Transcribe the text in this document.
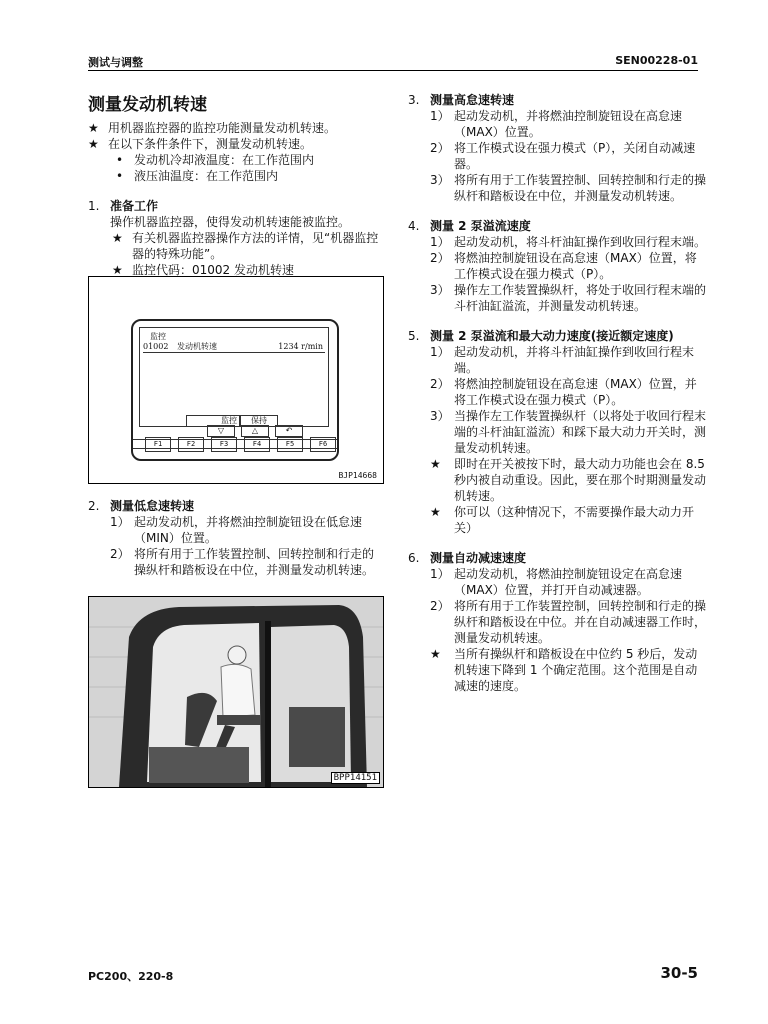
测试与调整	SEN00228-01
测量发动机转速
★ 用机器监控器的监控功能测量发动机转速。
★ 在以下条件条件下，测量发动机转速。
• 发动机冷却液温度：在工作范围内
• 液压油温度：在工作范围内
1. 准备工作
操作机器监控器，使得发动机转速能被监控。
★ 有关机器监控器操作方法的详情，见“机器监控器的特殊功能”。
★ 监控代码：01002 发动机转速
监控
01002 发动机转速	1234 r/min
监控	保持
▽	△	↶
F1	F2	F3	F4	F5	F6
BJP14668
2. 测量低怠速转速
1） 起动发动机，并将燃油控制旋钮设在低怠速（MIN）位置。
2） 将所有用于工作装置控制、回转控制和行走的操纵杆和踏板设在中位，并测量发动机转速。
BPP14151
3. 测量高怠速转速
1） 起动发动机，并将燃油控制旋钮设在高怠速（MAX）位置。
2） 将工作模式设在强力模式（P），关闭自动减速器。
3） 将所有用于工作装置控制、回转控制和行走的操纵杆和踏板设在中位，并测量发动机转速。
4. 测量 2 泵溢流速度
1） 起动发动机，将斗杆油缸操作到收回行程末端。
2） 将燃油控制旋钮设在高怠速（MAX）位置，将工作模式设在强力模式（P）。
3） 操作左工作装置操纵杆，将处于收回行程末端的斗杆油缸溢流，并测量发动机转速。
5. 测量 2 泵溢流和最大动力速度(接近额定速度)
1） 起动发动机，并将斗杆油缸操作到收回行程末端。
2） 将燃油控制旋钮设在高怠速（MAX）位置，并将工作模式设在强力模式（P）。
3） 当操作左工作装置操纵杆（以将处于收回行程末端的斗杆油缸溢流）和踩下最大动力开关时，测量发动机转速。
★ 即时在开关被按下时，最大动力功能也会在 8.5 秒内被自动重设。因此，要在那个时期测量发动机转速。
★ 你可以（这种情况下，不需要操作最大动力开关）
6. 测量自动减速速度
1） 起动发动机，将燃油控制旋钮设定在高怠速（MAX）位置，并打开自动减速器。
2） 将所有用于工作装置控制，回转控制和行走的操纵杆和踏板设在中位。并在自动减速器工作时，测量发动机转速。
★ 当所有操纵杆和踏板设在中位约 5 秒后，发动机转速下降到 1 个确定范围。这个范围是自动减速的速度。
PC200、220-8	30-5
